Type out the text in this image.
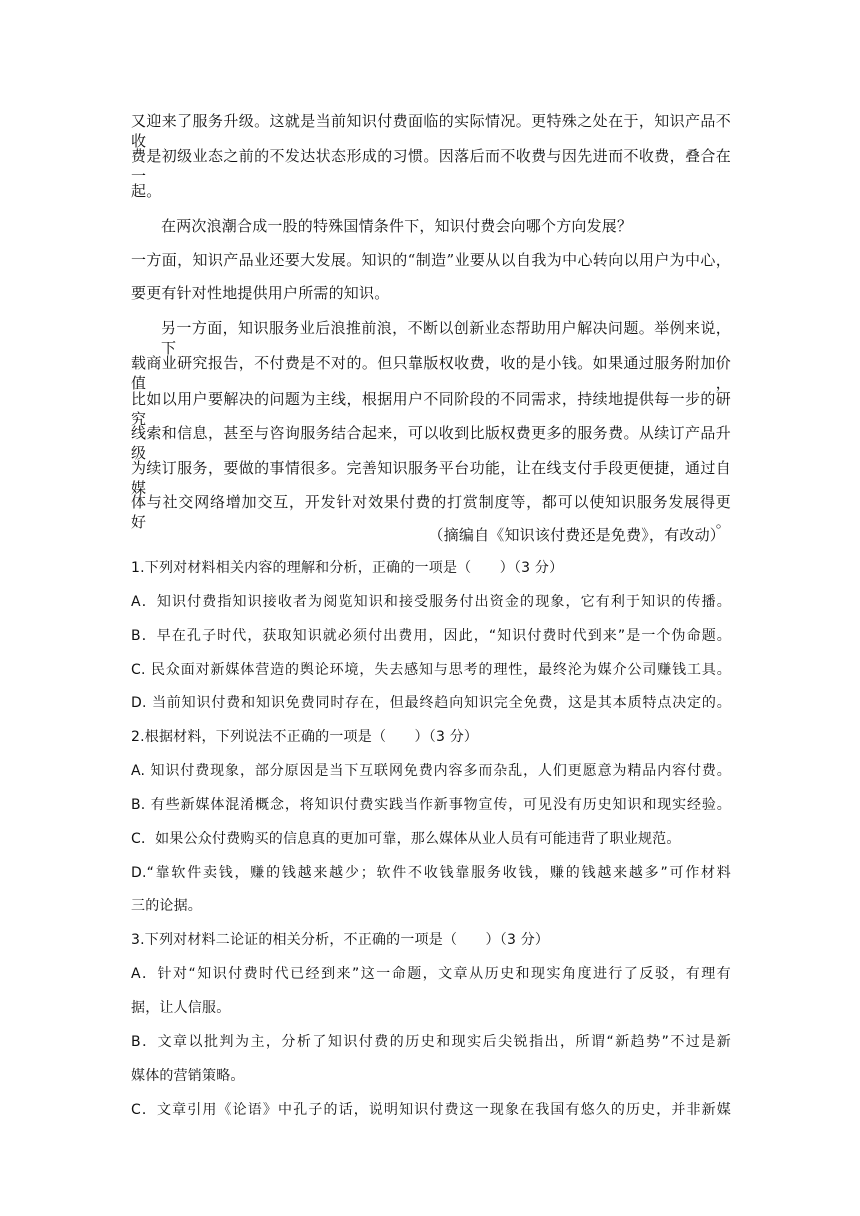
又迎来了服务升级。这就是当前知识付费面临的实际情况。更特殊之处在于，知识产品不收
费是初级业态之前的不发达状态形成的习惯。因落后而不收费与因先进而不收费，叠合在一
起。
在两次浪潮合成一股的特殊国情条件下，知识付费会向哪个方向发展？
一方面，知识产品业还要大发展。知识的“制造”业要从以自我为中心转向以用户为中心，
要更有针对性地提供用户所需的知识。
另一方面，知识服务业后浪推前浪，不断以创新业态帮助用户解决问题。举例来说，下
载商业研究报告，不付费是不对的。但只靠版权收费，收的是小钱。如果通过服务附加价值，
比如以用户要解决的问题为主线，根据用户不同阶段的不同需求，持续地提供每一步的研究
线索和信息，甚至与咨询服务结合起来，可以收到比版权费更多的服务费。从续订产品升级
为续订服务，要做的事情很多。完善知识服务平台功能，让在线支付手段更便捷，通过自媒
体与社交网络增加交互，开发针对效果付费的打赏制度等，都可以使知识服务发展得更好。
（摘编自《知识该付费还是免费》，有改动）
1.下列对材料相关内容的理解和分析，正确的一项是（　　）（3 分）
A．知识付费指知识接收者为阅览知识和接受服务付出资金的现象，它有利于知识的传播。
B．早在孔子时代，获取知识就必须付出费用，因此，“知识付费时代到来”是一个伪命题。
C. 民众面对新媒体营造的舆论环境，失去感知与思考的理性，最终沦为媒介公司赚钱工具。
D. 当前知识付费和知识免费同时存在，但最终趋向知识完全免费，这是其本质特点决定的。
2.根据材料，下列说法不正确的一项是（　　）（3 分）
A. 知识付费现象，部分原因是当下互联网免费内容多而杂乱，人们更愿意为精品内容付费。
B. 有些新媒体混淆概念，将知识付费实践当作新事物宣传，可见没有历史知识和现实经验。
C．如果公众付费购买的信息真的更加可靠，那么媒体从业人员有可能违背了职业规范。
D.“靠软件卖钱，赚的钱越来越少；软件不收钱靠服务收钱，赚的钱越来越多”可作材料
三的论据。
3.下列对材料二论证的相关分析，不正确的一项是（　　）（3 分）
A．针对“知识付费时代已经到来”这一命题，文章从历史和现实角度进行了反驳，有理有
据，让人信服。
B．文章以批判为主，分析了知识付费的历史和现实后尖锐指出，所谓“新趋势”不过是新
媒体的营销策略。
C．文章引用《论语》中孔子的话，说明知识付费这一现象在我国有悠久的历史，并非新媒
